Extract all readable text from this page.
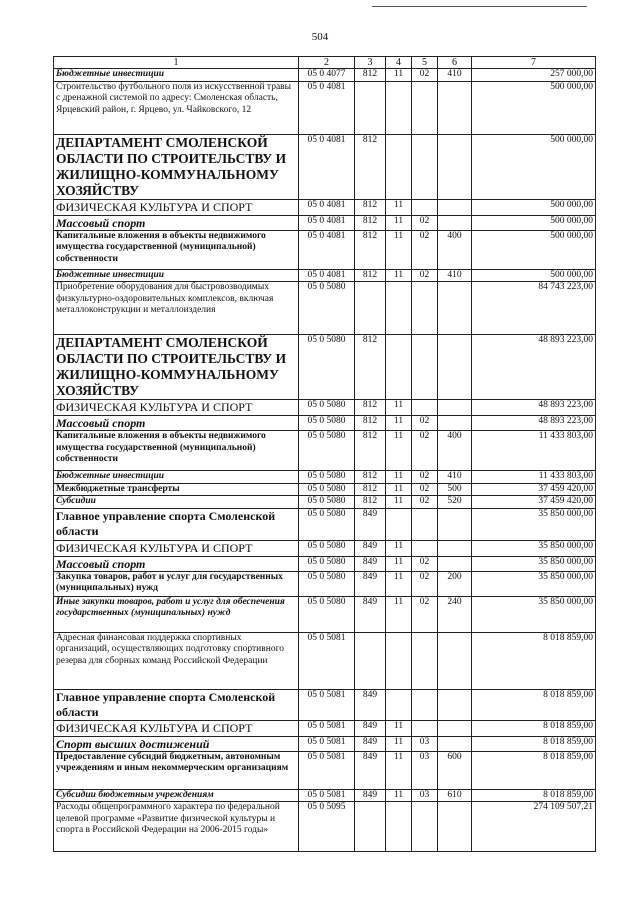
504
1	2	3	4	5	6	7
Бюджетные инвестиции	05 0 4077	812	11	02	410	257 000,00
Строительство футбольного поля из искусственной травы с дренажной системой по адресу: Смоленская область, Ярцевский район, г. Ярцево, ул. Чайковского, 12	05 0 4081					500 000,00
ДЕПАРТАМЕНТ СМОЛЕНСКОЙ ОБЛАСТИ ПО СТРОИТЕЛЬСТВУ И ЖИЛИЩНО-КОММУНАЛЬНОМУ ХОЗЯЙСТВУ	05 0 4081	812				500 000,00
ФИЗИЧЕСКАЯ КУЛЬТУРА И СПОРТ	05 0 4081	812	11			500 000,00
Массовый спорт	05 0 4081	812	11	02		500 000,00
Капитальные вложения в объекты недвижимого имущества государственной (муниципальной) собственности	05 0 4081	812	11	02	400	500 000,00
Бюджетные инвестиции	05 0 4081	812	11	02	410	500 000,00
Приобретение оборудования для быстровозводимых физкультурно-оздоровительных комплексов, включая металлоконструкции и металлоизделия	05 0 5080					84 743 223,00
ДЕПАРТАМЕНТ СМОЛЕНСКОЙ ОБЛАСТИ ПО СТРОИТЕЛЬСТВУ И ЖИЛИЩНО-КОММУНАЛЬНОМУ ХОЗЯЙСТВУ	05 0 5080	812				48 893 223,00
ФИЗИЧЕСКАЯ КУЛЬТУРА И СПОРТ	05 0 5080	812	11			48 893 223,00
Массовый спорт	05 0 5080	812	11	02		48 893 223,00
Капитальные вложения в объекты недвижимого имущества государственной (муниципальной) собственности	05 0 5080	812	11	02	400	11 433 803,00
Бюджетные инвестиции	05 0 5080	812	11	02	410	11 433 803,00
Межбюджетные трансферты	05 0 5080	812	11	02	500	37 459 420,00
Субсидии	05 0 5080	812	11	02	520	37 459 420,00
Главное управление спорта Смоленской области	05 0 5080	849				35 850 000,00
ФИЗИЧЕСКАЯ КУЛЬТУРА И СПОРТ	05 0 5080	849	11			35 850 000,00
Массовый спорт	05 0 5080	849	11	02		35 850 000,00
Закупка товаров, работ и услуг для государственных (муниципальных) нужд	05 0 5080	849	11	02	200	35 850 000,00
Иные закупки товаров, работ и услуг для обеспечения государственных (муниципальных) нужд	05 0 5080	849	11	02	240	35 850 000,00
Адресная финансовая поддержка спортивных организаций, осуществляющих подготовку спортивного резерва для сборных команд Российской Федерации	05 0 5081					8 018 859,00
Главное управление спорта Смоленской области	05 0 5081	849				8 018 859,00
ФИЗИЧЕСКАЯ КУЛЬТУРА И СПОРТ	05 0 5081	849	11			8 018 859,00
Спорт высших достижений	05 0 5081	849	11	03		8 018 859,00
Предоставление субсидий бюджетным, автономным учреждениям и иным некоммерческим организациям	05 0 5081	849	11	03	600	8 018 859,00
Субсидии бюджетным учреждениям	05 0 5081	849	11	03	610	8 018 859,00
Расходы общепрограммного характера по федеральной целевой программе «Развитие физической культуры и спорта в Российской Федерации на 2006-2015 годы»	05 0 5095					274 109 507,21
